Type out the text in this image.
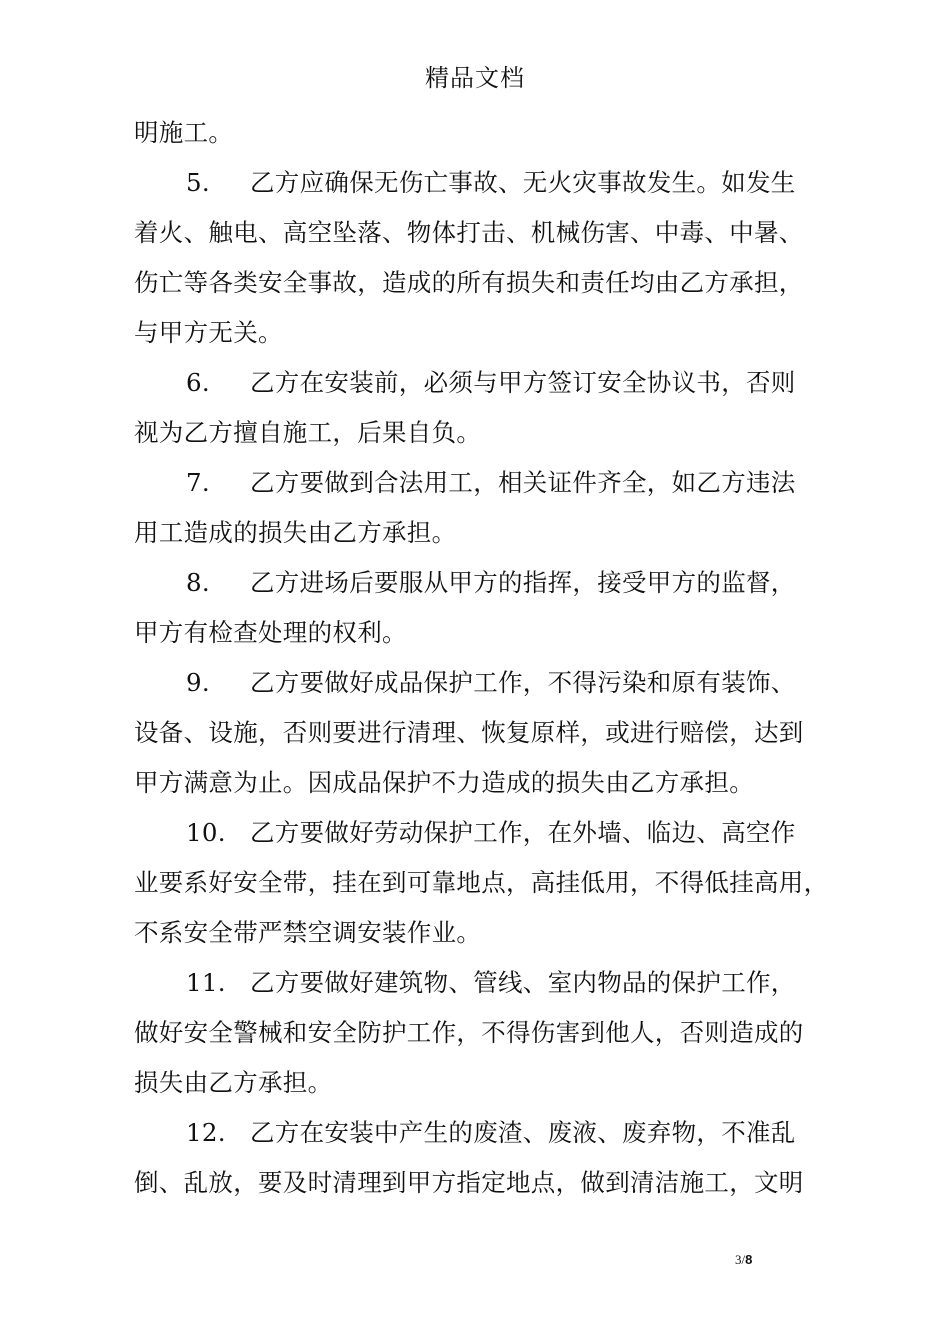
精品文档
明施工。
5. 乙方应确保无伤亡事故、无火灾事故发生。如发生
着火、触电、高空坠落、物体打击、机械伤害、中毒、中暑、
伤亡等各类安全事故，造成的所有损失和责任均由乙方承担，
与甲方无关。
6. 乙方在安装前，必须与甲方签订安全协议书，否则
视为乙方擅自施工，后果自负。
7. 乙方要做到合法用工，相关证件齐全，如乙方违法
用工造成的损失由乙方承担。
8. 乙方进场后要服从甲方的指挥，接受甲方的监督，
甲方有检查处理的权利。
9. 乙方要做好成品保护工作，不得污染和原有装饰、
设备、设施，否则要进行清理、恢复原样，或进行赔偿，达到
甲方满意为止。因成品保护不力造成的损失由乙方承担。
10. 乙方要做好劳动保护工作，在外墙、临边、高空作
业要系好安全带，挂在到可靠地点，高挂低用，不得低挂高用，
不系安全带严禁空调安装作业。
11. 乙方要做好建筑物、管线、室内物品的保护工作，
做好安全警械和安全防护工作，不得伤害到他人，否则造成的
损失由乙方承担。
12. 乙方在安装中产生的废渣、废液、废弃物，不准乱
倒、乱放，要及时清理到甲方指定地点，做到清洁施工，文明
3/8
